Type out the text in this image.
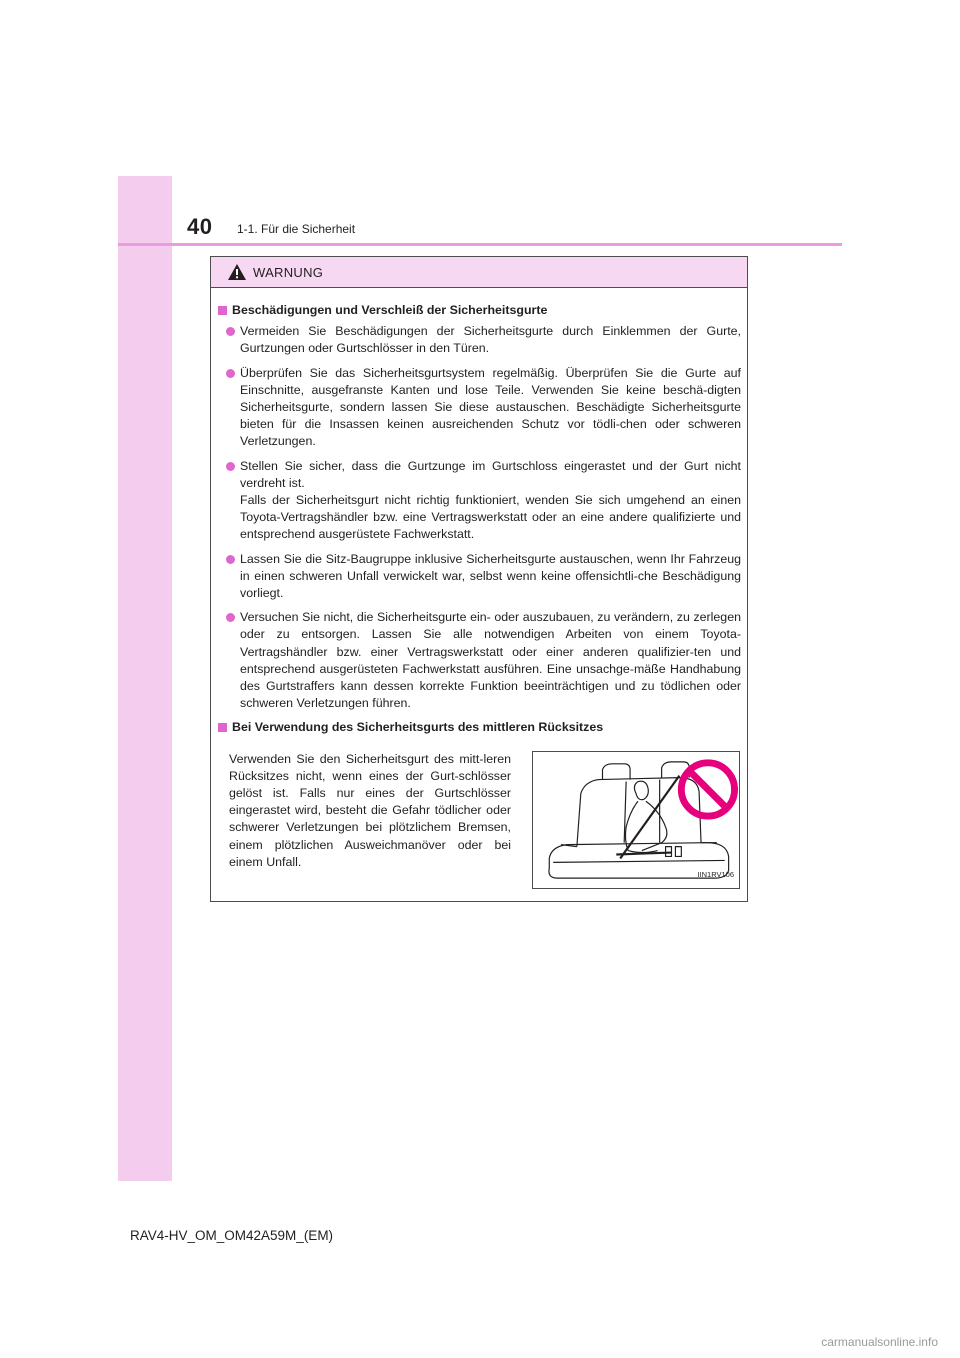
40 1-1. Für die Sicherheit
WARNUNG
Beschädigungen und Verschleiß der Sicherheitsgurte
Vermeiden Sie Beschädigungen der Sicherheitsgurte durch Einklemmen der Gurte, Gurtzungen oder Gurtschlösser in den Türen.
Überprüfen Sie das Sicherheitsgurtsystem regelmäßig. Überprüfen Sie die Gurte auf Einschnitte, ausgefranste Kanten und lose Teile. Verwenden Sie keine beschä-digten Sicherheitsgurte, sondern lassen Sie diese austauschen. Beschädigte Sicherheitsgurte bieten für die Insassen keinen ausreichenden Schutz vor tödli-chen oder schweren Verletzungen.
Stellen Sie sicher, dass die Gurtzunge im Gurtschloss eingerastet und der Gurt nicht verdreht ist.
Falls der Sicherheitsgurt nicht richtig funktioniert, wenden Sie sich umgehend an einen Toyota-Vertragshändler bzw. eine Vertragswerkstatt oder an eine andere qualifizierte und entsprechend ausgerüstete Fachwerkstatt.
Lassen Sie die Sitz-Baugruppe inklusive Sicherheitsgurte austauschen, wenn Ihr Fahrzeug in einen schweren Unfall verwickelt war, selbst wenn keine offensichtli-che Beschädigung vorliegt.
Versuchen Sie nicht, die Sicherheitsgurte ein- oder auszubauen, zu verändern, zu zerlegen oder zu entsorgen. Lassen Sie alle notwendigen Arbeiten von einem Toyota-Vertragshändler bzw. einer Vertragswerkstatt oder einer anderen qualifizier-ten und entsprechend ausgerüsteten Fachwerkstatt ausführen. Eine unsachge-mäße Handhabung des Gurtstraffers kann dessen korrekte Funktion beeinträchtigen und zu tödlichen oder schweren Verletzungen führen.
Bei Verwendung des Sicherheitsgurts des mittleren Rücksitzes
Verwenden Sie den Sicherheitsgurt des mitt-leren Rücksitzes nicht, wenn eines der Gurt-schlösser gelöst ist. Falls nur eines der Gurtschlösser eingerastet wird, besteht die Gefahr tödlicher oder schwerer Verletzungen bei plötzlichem Bremsen, einem plötzlichen Ausweichmanöver oder bei einem Unfall.
IIN1RV106
RAV4-HV_OM_OM42A59M_(EM)
carmanualsonline.info
